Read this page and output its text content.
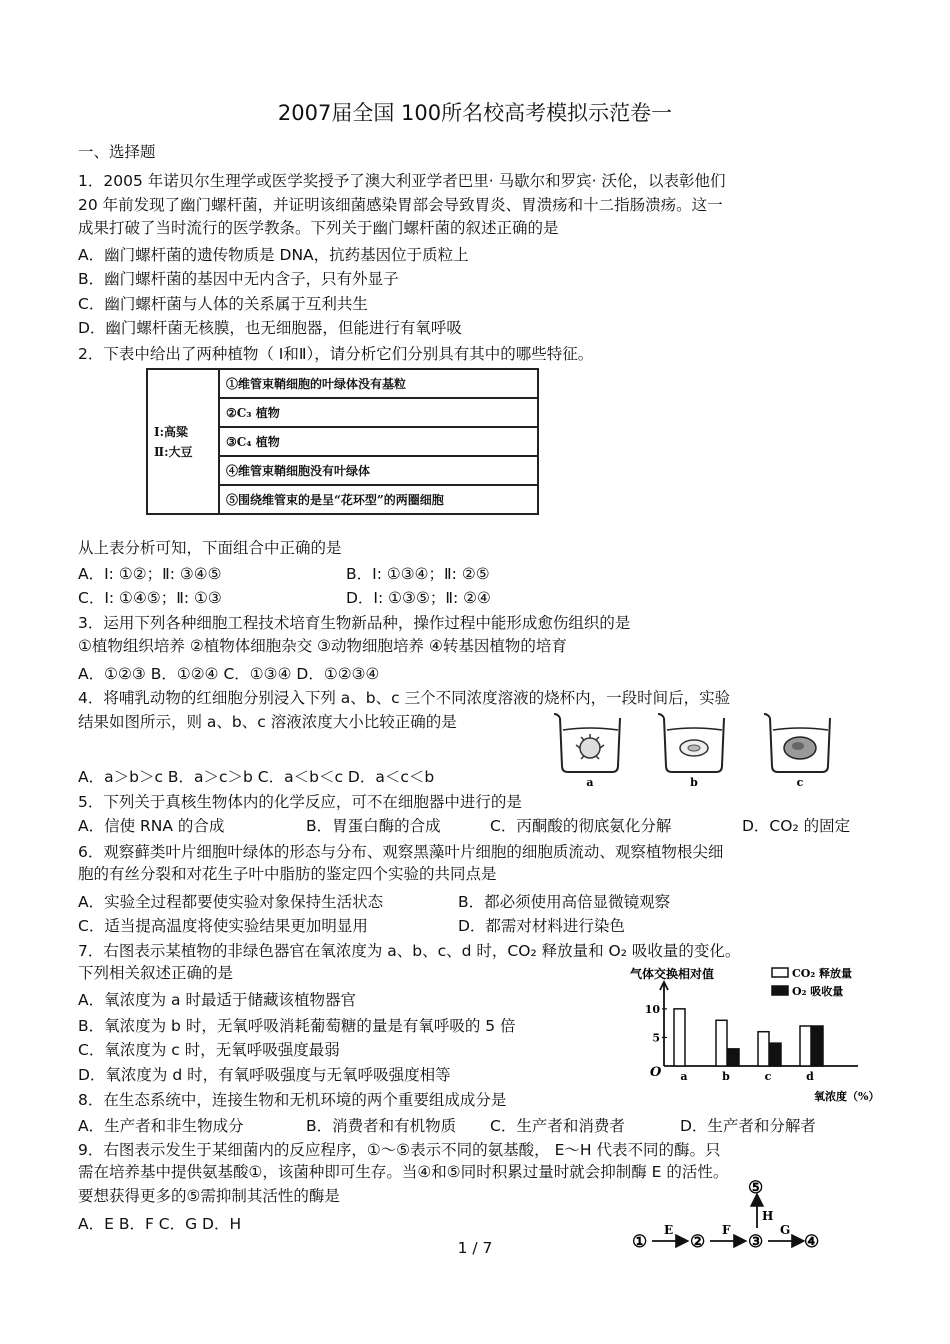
2007届全国 100所名校高考模拟示范卷一
一、选择题
1．2005 年诺贝尔生理学或医学奖授予了澳大利亚学者巴里· 马歇尔和罗宾· 沃伦，以表彰他们
20 年前发现了幽门螺杆菌，并证明该细菌感染胃部会导致胃炎、胃溃疡和十二指肠溃疡。这一
成果打破了当时流行的医学教条。下列关于幽门螺杆菌的叙述正确的是
A．幽门螺杆菌的遗传物质是 DNA，抗药基因位于质粒上
B．幽门螺杆菌的基因中无内含子，只有外显子
C．幽门螺杆菌与人体的关系属于互利共生
D．幽门螺杆菌无核膜，也无细胞器，但能进行有氧呼吸
2．下表中给出了两种植物（ Ⅰ和Ⅱ），请分析它们分别具有其中的哪些特征。
Ⅰ:高粱
Ⅱ:大豆
	①维管束鞘细胞的叶绿体没有基粒
②C₃ 植物
③C₄ 植物
④维管束鞘细胞没有叶绿体
⑤围绕维管束的是呈“花环型”的两圈细胞
从上表分析可知，下面组合中正确的是
A．Ⅰ: ①②；Ⅱ: ③④⑤	B．Ⅰ: ①③④；Ⅱ: ②⑤
C．Ⅰ: ①④⑤；Ⅱ: ①③	D．Ⅰ: ①③⑤；Ⅱ: ②④
3．运用下列各种细胞工程技术培育生物新品种，操作过程中能形成愈伤组织的是
①植物组织培养 ②植物体细胞杂交 ③动物细胞培养 ④转基因植物的培育
A．①②③ B．①②④ C．①③④ D．①②③④
4．将哺乳动物的红细胞分别浸入下列 a、b、c 三个不同浓度溶液的烧杯内，一段时间后，实验
结果如图所示，则 a、b、c 溶液浓度大小比较正确的是
A．a＞b＞c B．a＞c＞b C．a＜b＜c D．a＜c＜b	a	b	c
5．下列关于真核生物体内的化学反应，可不在细胞器中进行的是
A．信使 RNA 的合成	B．胃蛋白酶的合成	C．丙酮酸的彻底氨化分解	D．CO₂ 的固定
6．观察藓类叶片细胞叶绿体的形态与分布、观察黑藻叶片细胞的细胞质流动、观察植物根尖细
胞的有丝分裂和对花生子叶中脂肪的鉴定四个实验的共同点是
A．实验全过程都要使实验对象保持生活状态	B．都必须使用高倍显微镜观察
C．适当提高温度将使实验结果更加明显用	D．都需对材料进行染色
7．右图表示某植物的非绿色器官在氧浓度为 a、b、c、d 时，CO₂ 释放量和 O₂ 吸收量的变化。
下列相关叙述正确的是
A．氧浓度为 a 时最适于储藏该植物器官
B．氧浓度为 b 时，无氧呼吸消耗葡萄糖的量是有氧呼吸的 5 倍
C．氧浓度为 c 时，无氧呼吸强度最弱
D．氧浓度为 d 时，有氧呼吸强度与无氧呼吸强度相等
气体交换相对值	CO₂ 释放量
O₂ 吸收量
O
氧浓度（%）
10
5
a	b	c	d
8．在生态系统中，连接生物和无机环境的两个重要组成成分是
A．生产者和非生物成分	B．消费者和有机物质 C．生产者和消费者	D．生产者和分解者
9．右图表示发生于某细菌内的反应程序，①～⑤表示不同的氨基酸， E～H 代表不同的酶。只
需在培养基中提供氨基酸①，该菌种即可生存。当④和⑤同时积累过量时就会抑制酶 E 的活性。
要想获得更多的⑤需抑制其活性的酶是
A．E B．F C．G D．H
①
E
②
F
③
G
④
H
⑤
1 / 7
